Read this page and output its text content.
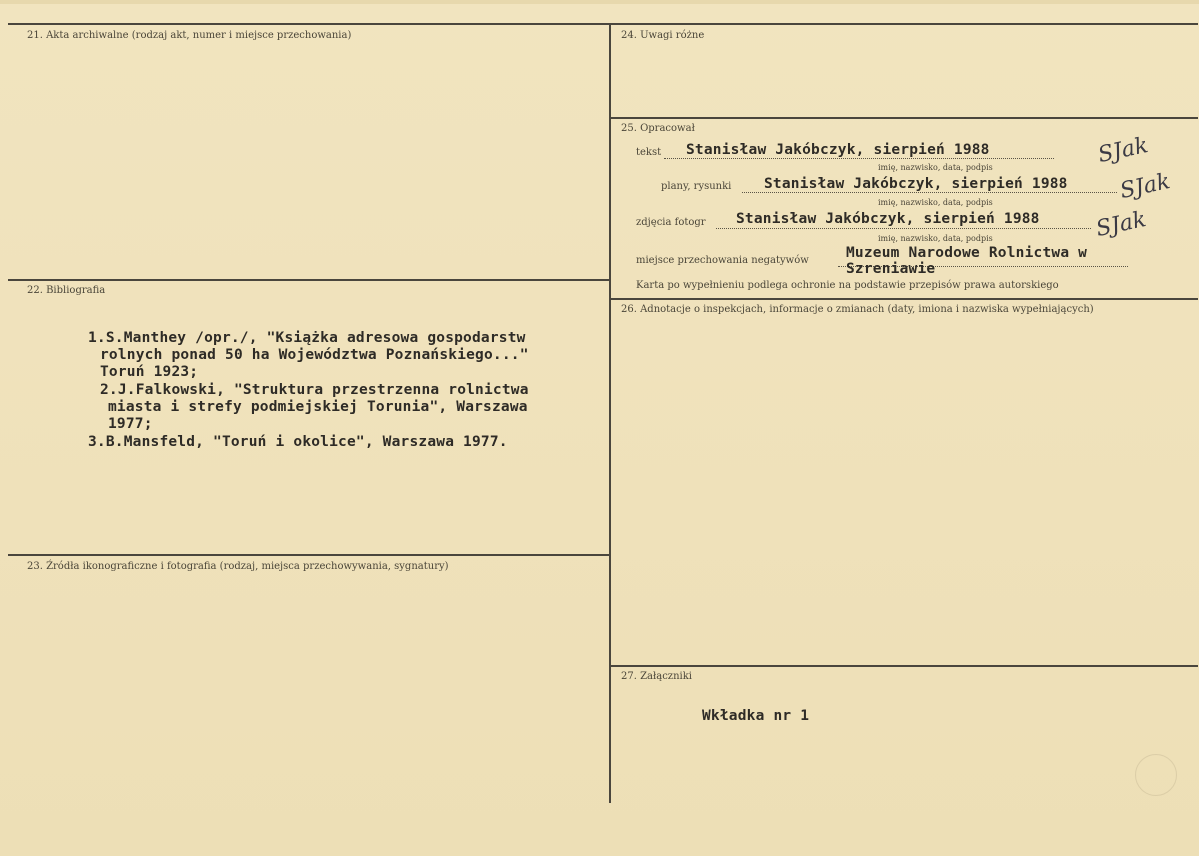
21. Akta archiwalne (rodzaj akt, numer i miejsce przechowania)
22. Bibliografia
23. Źródła ikonograficzne i fotografia (rodzaj, miejsca przechowywania, sygnatury)
24. Uwagi różne
25. Opracował
26. Adnotacje o inspekcjach, informacje o zmianach (daty, imiona i nazwiska wypełniających)
27. Załączniki
tekst Stanisław Jakóbczyk, sierpień 1988
imię, nazwisko, data, podpis	SJak
plany, rysunki Stanisław Jakóbczyk, sierpień 1988
imię, nazwisko, data, podpis	SJak
zdjęcia fotogr Stanisław Jakóbczyk, sierpień 1988
imię, nazwisko, data, podpis	SJak
miejsce przechowania negatywów	Muzeum Narodowe Rolnictwa w
Szreniawie
Karta po wypełnieniu podlega ochronie na podstawie przepisów prawa autorskiego
1.S.Manthey /opr./, "Książka adresowa gospodarstw
rolnych ponad 50 ha Województwa Poznańskiego..."
Toruń 1923;
2.J.Falkowski, "Struktura przestrzenna rolnictwa
miasta i strefy podmiejskiej Torunia", Warszawa
1977;
3.B.Mansfeld, "Toruń i okolice", Warszawa 1977.
Wkładka nr 1
